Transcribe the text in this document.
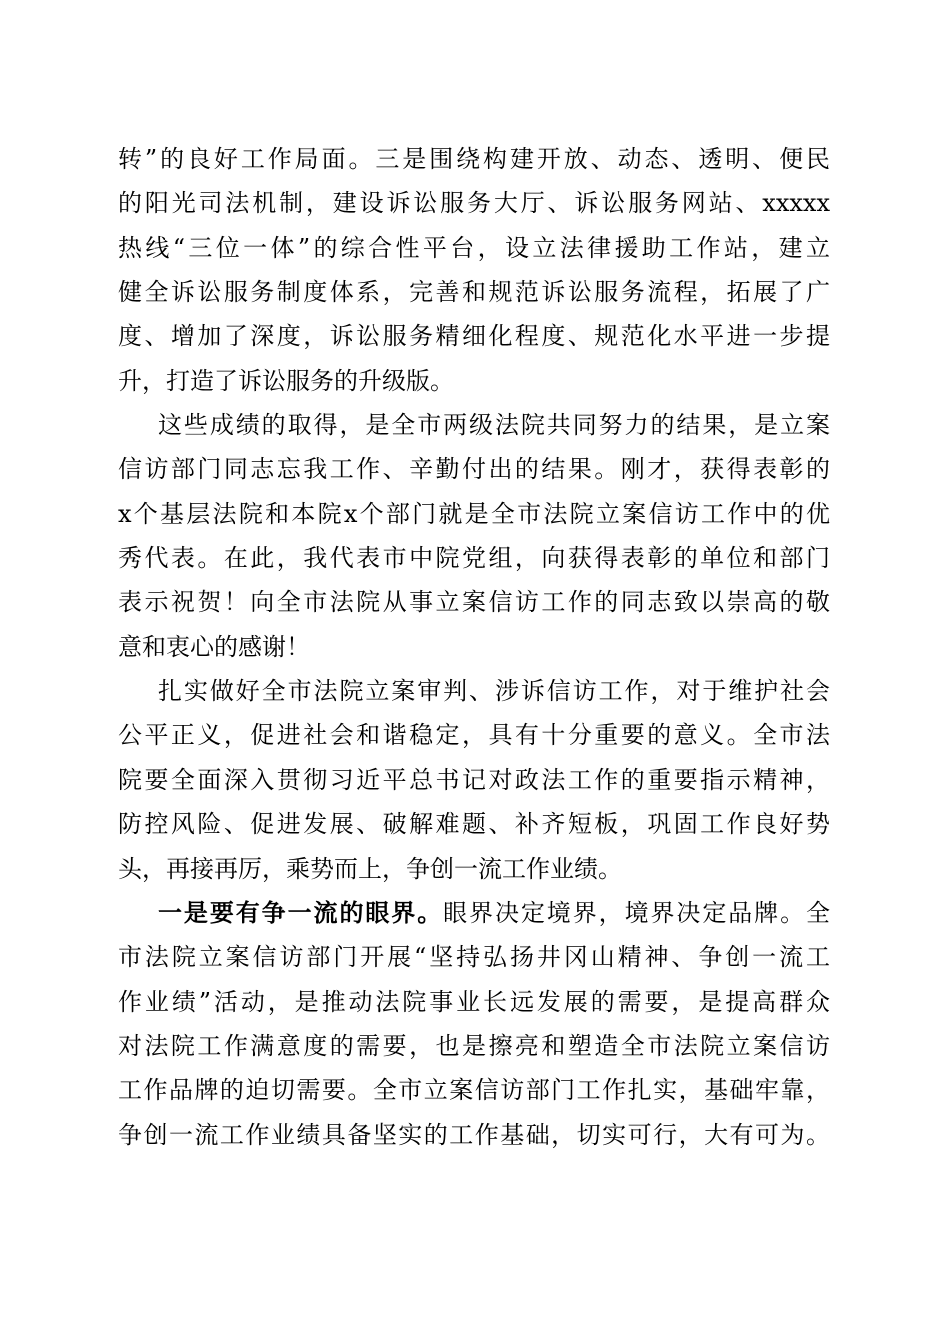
转”的良好工作局面。三是围绕构建开放、动态、透明、便民
的阳光司法机制，建设诉讼服务大厅、诉讼服务网站、xxxxx
热线“三位一体”的综合性平台，设立法律援助工作站，建立
健全诉讼服务制度体系，完善和规范诉讼服务流程，拓展了广
度、增加了深度，诉讼服务精细化程度、规范化水平进一步提
升，打造了诉讼服务的升级版。
这些成绩的取得，是全市两级法院共同努力的结果，是立案
信访部门同志忘我工作、辛勤付出的结果。刚才，获得表彰的
x个基层法院和本院x个部门就是全市法院立案信访工作中的优
秀代表。在此，我代表市中院党组，向获得表彰的单位和部门
表示祝贺！向全市法院从事立案信访工作的同志致以崇高的敬
意和衷心的感谢！
扎实做好全市法院立案审判、涉诉信访工作，对于维护社会
公平正义，促进社会和谐稳定，具有十分重要的意义。全市法
院要全面深入贯彻习近平总书记对政法工作的重要指示精神，
防控风险、促进发展、破解难题、补齐短板，巩固工作良好势
头，再接再厉，乘势而上，争创一流工作业绩。
一是要有争一流的眼界。眼界决定境界，境界决定品牌。全
市法院立案信访部门开展“坚持弘扬井冈山精神、争创一流工
作业绩”活动，是推动法院事业长远发展的需要，是提高群众
对法院工作满意度的需要，也是擦亮和塑造全市法院立案信访
工作品牌的迫切需要。全市立案信访部门工作扎实，基础牢靠，
争创一流工作业绩具备坚实的工作基础，切实可行，大有可为。
